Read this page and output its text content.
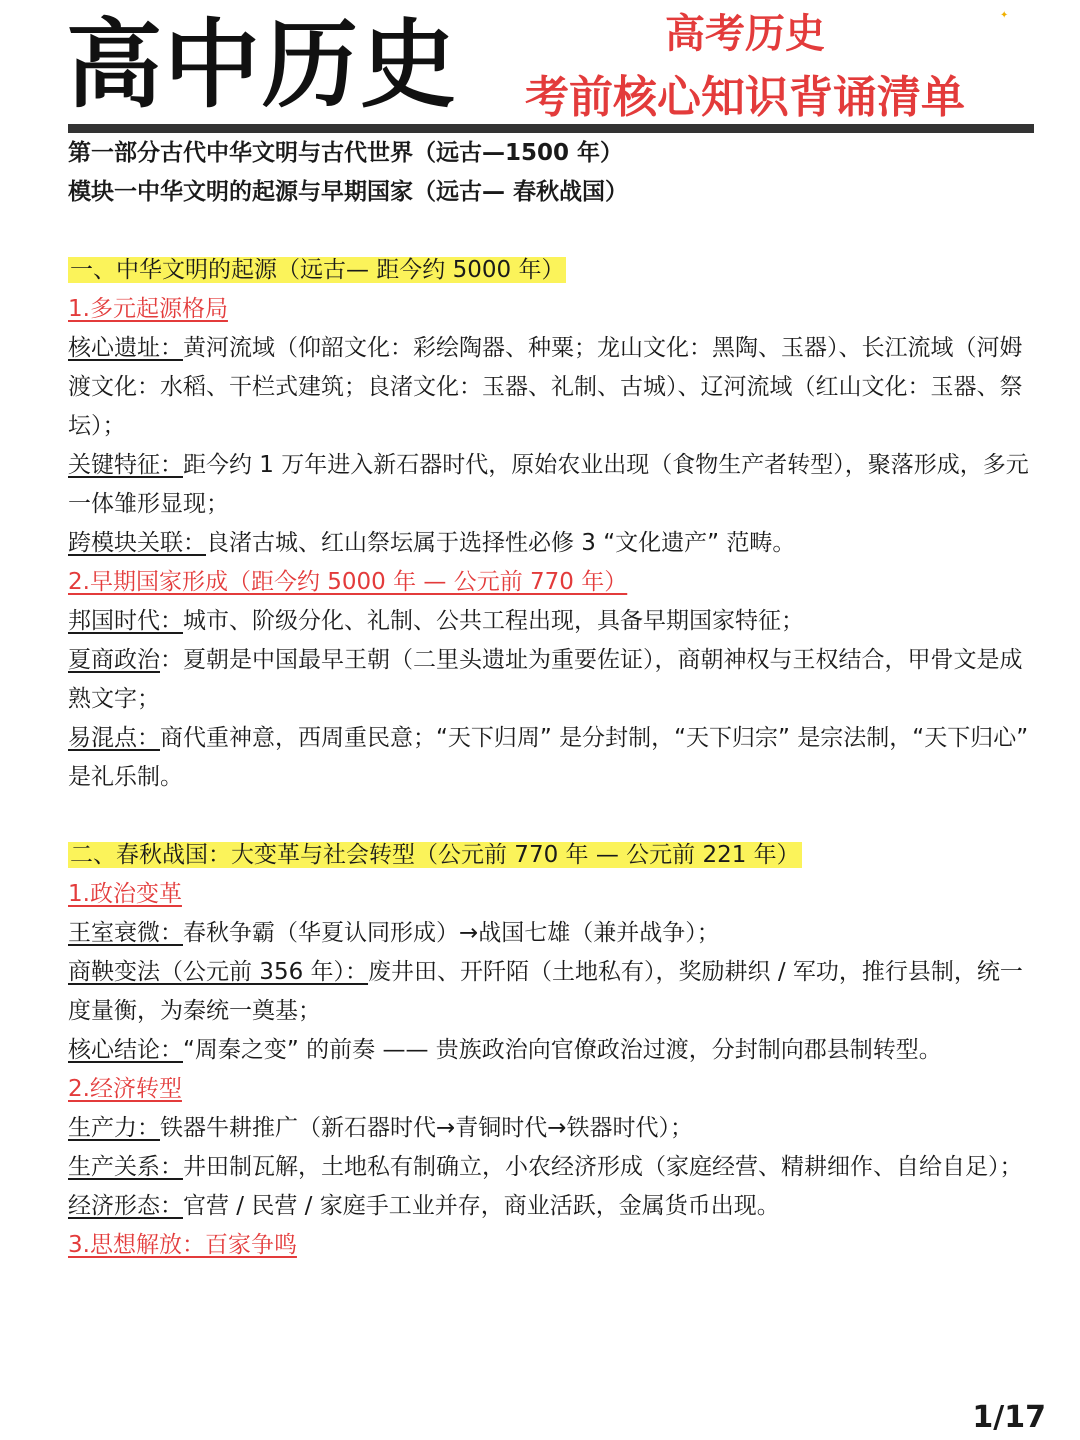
高中历史	高考历史
考前核心知识背诵清单
✦
第一部分古代中华文明与古代世界（远古—1500 年）
模块一中华文明的起源与早期国家（远古— 春秋战国）
一、中华文明的起源（远古— 距今约 5000 年）
1.多元起源格局
核心遗址：黄河流域（仰韶文化：彩绘陶器、种粟；龙山文化：黑陶、玉器）、长江流域（河姆渡文化：水稻、干栏式建筑；良渚文化：玉器、礼制、古城）、辽河流域（红山文化：玉器、祭坛）；
关键特征：距今约 1 万年进入新石器时代，原始农业出现（食物生产者转型），聚落形成，多元一体雏形显现；
跨模块关联：良渚古城、红山祭坛属于选择性必修 3 “文化遗产” 范畴。
2.早期国家形成（距今约 5000 年 — 公元前 770 年）
邦国时代：城市、阶级分化、礼制、公共工程出现，具备早期国家特征；
夏商政治：夏朝是中国最早王朝（二里头遗址为重要佐证），商朝神权与王权结合，甲骨文是成熟文字；
易混点：商代重神意，西周重民意；“天下归周” 是分封制，“天下归宗” 是宗法制，“天下归心” 是礼乐制。
二、春秋战国：大变革与社会转型（公元前 770 年 — 公元前 221 年）
1.政治变革
王室衰微：春秋争霸（华夏认同形成）→战国七雄（兼并战争）；
商鞅变法（公元前 356 年）：废井田、开阡陌（土地私有），奖励耕织 / 军功，推行县制，统一度量衡，为秦统一奠基；
核心结论：“周秦之变” 的前奏 —— 贵族政治向官僚政治过渡，分封制向郡县制转型。
2.经济转型
生产力：铁器牛耕推广（新石器时代→青铜时代→铁器时代）；
生产关系：井田制瓦解，土地私有制确立，小农经济形成（家庭经营、精耕细作、自给自足）；
经济形态：官营 / 民营 / 家庭手工业并存，商业活跃，金属货币出现。
3.思想解放：百家争鸣
1/17
